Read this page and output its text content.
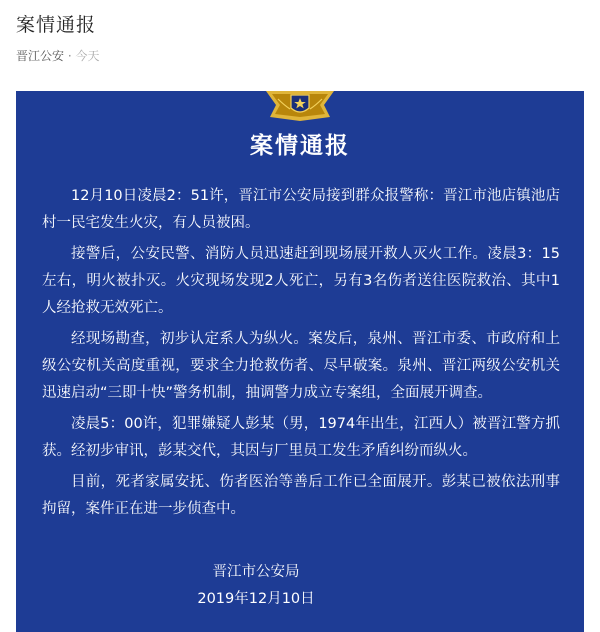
案情通报
晋江公安 · 今天
案情通报

12月10日凌晨2：51许，晋江市公安局接到群众报警称：晋江市池店镇池店村一民宅发生火灾，有人员被困。

接警后，公安民警、消防人员迅速赶到现场展开救人灭火工作。凌晨3：15左右，明火被扑灭。火灾现场发现2人死亡，另有3名伤者送往医院救治、其中1人经抢救无效死亡。

经现场勘查，初步认定系人为纵火。案发后，泉州、晋江市委、市政府和上级公安机关高度重视，要求全力抢救伤者、尽早破案。泉州、晋江两级公安机关迅速启动“三即十快”警务机制，抽调警力成立专案组，全面展开调查。

凌晨5：00许，犯罪嫌疑人彭某（男，1974年出生，江西人）被晋江警方抓获。经初步审讯，彭某交代，其因与厂里员工发生矛盾纠纷而纵火。

目前，死者家属安抚、伤者医治等善后工作已全面展开。彭某已被依法刑事拘留，案件正在进一步侦查中。

晋江市公安局
2019年12月10日
